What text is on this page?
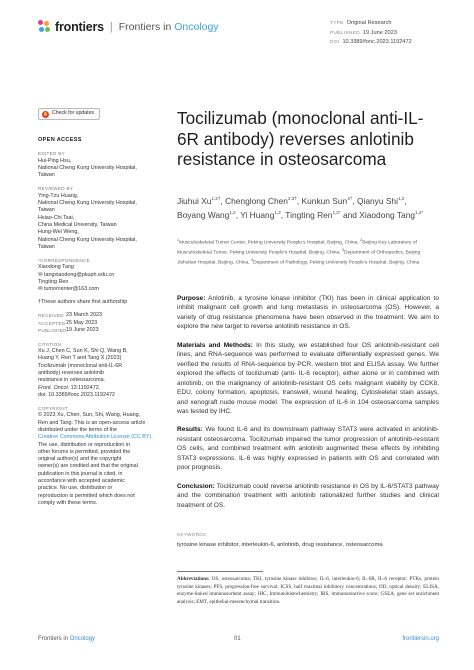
frontiers | Frontiers in Oncology	TYPE Original Research
PUBLISHED 19 June 2023
DOI 10.3389/fonc.2023.1192472
Check for updates
OPEN ACCESS
EDITED BY
Hui-Ping Hsu,
National Cheng Kung University Hospital,
Taiwan
REVIEWED BY
Ying-Tzu Huang,
National Cheng Kung University Hospital,
Taiwan
Hsiao-Chi Tsai,
China Medical University, Taiwan
Hung-Wei Weng,
National Cheng Kung University Hospital,
Taiwan
*CORRESPONDENCE
Xiaodong Tang
✉ tangxiaodong@pkuph.edu.cn
Tingting Ren
✉ tumorcenter@163.com
†These authors share first authorship
RECEIVED 23 March 2023
ACCEPTED 25 May 2023
PUBLISHED 19 June 2023
CITATION
Xu J, Chen C, Sun K, Shi Q, Wang B,
Huang Y, Ren T and Tang X (2023)
Tocilizumab (monoclonal anti-IL-6R
antibody) reverses anlotinib
resistance in osteosarcoma.
Front. Oncol. 13:1192472.
doi: 10.3389/fonc.2023.1192472
COPYRIGHT
© 2023 Xu, Chen, Sun, Shi, Wang, Huang,
Ren and Tang. This is an open-access article
distributed under the terms of the
Creative Commons Attribution License (CC BY).
The use, distribution or reproduction in
other forums is permitted, provided the
original author(s) and the copyright
owner(s) are credited and that the original
publication in this journal is cited, in
accordance with accepted academic
practice. No use, distribution or
reproduction is permitted which does not
comply with these terms.
Tocilizumab (monoclonal anti-IL-6R antibody) reverses anlotinib resistance in osteosarcoma
Jiuhui $Xu^{1,2\dagger}$, Chenglong Chen$^{2,3\dagger}$, Kunkun Sun$^{4\dagger}$, Qianyu Shi$^{1,2}$, Boyang Wang$^{1,2}$, Yi Huang$^{1,2}$, Tingting Ren$^{1,2*}$ and Xiaodong Tang$^{1,2*}$
$^1$Musculoskeletal Tumor Center, Peking University People’s Hospital, Beijing, China, $^2$Beijing Key Laboratory of Musculoskeletal Tumor, Peking University People’s Hospital, Beijing, China, $^3$Department of Orthopedics, Beijing Jishuitan Hospital, Beijing, China, $^4$Department of Pathology, Peking University People’s Hospital, Beijing, China

Purpose: Anlotinib, a tyrosine kinase inhibitor (TKI) has been in clinical application to inhibit malignant cell growth and lung metastasis in osteosarcoma (OS). However, a variety of drug resistance phenomena have been observed in the treatment. We aim to explore the new target to reverse anlotinib resistance in OS.

Materials and Methods: In this study, we established four OS anlotinib-resistant cell lines, and RNA-sequence was performed to evaluate differentially expressed genes. We verified the results of RNA-sequence by PCR, western blot and ELISA assay. We further explored the effects of tocilizumab (anti- IL-6 receptor), either alone or in combined with anlotinib, on the malignancy of anlotinib-resistant OS cells malignant viability by CCK8, EDU, colony formation, apoptosis, transwell, wound healing, Cytoskeletal stain assays, and xenograft nude mouse model. The expression of IL-6 in 104 osteosarcoma samples was tested by IHC.

Results: We found IL-6 and its downstream pathway STAT3 were activated in anlotinib-resistant osteosarcoma. Tocilizumab impaired the tumor progression of anlotinib-resistant OS cells, and combined treatment with anlotinib augmented these effects by inhibiting STAT3 expressions. IL-6 was highly expressed in patients with OS and correlated with poor prognosis.

Conclusion: Tocilizumab could reverse anlotinib resistance in OS by IL-6/STAT3 pathway and the combination treatment with anlotinib rationalized further studies and clinical treatment of OS.

KEYWORDS
tyrosine kinase inhibitor, interleukin-6, anlotinib, drug resistance, osteosarcoma
Abbreviations: OS, osteosarcoma; TKI, tyrosine kinase inhibitor; IL-6, interleukin-6; IL-6R, IL-6 receptor; PTKs, protein tyrosine kinases; PFS, progression-free survival; ICSS, half maximal inhibitory concentrations; OD, optical density; ELISA, enzyme-linked immunosorbent assay; IHC, Immunohistochemistry; IRS, immunoreactive score; GSEA, gene set enrichment analysis; EMT, epithelial-mesenchymal transition.
Frontiers in Oncology	01	frontiersin.org
